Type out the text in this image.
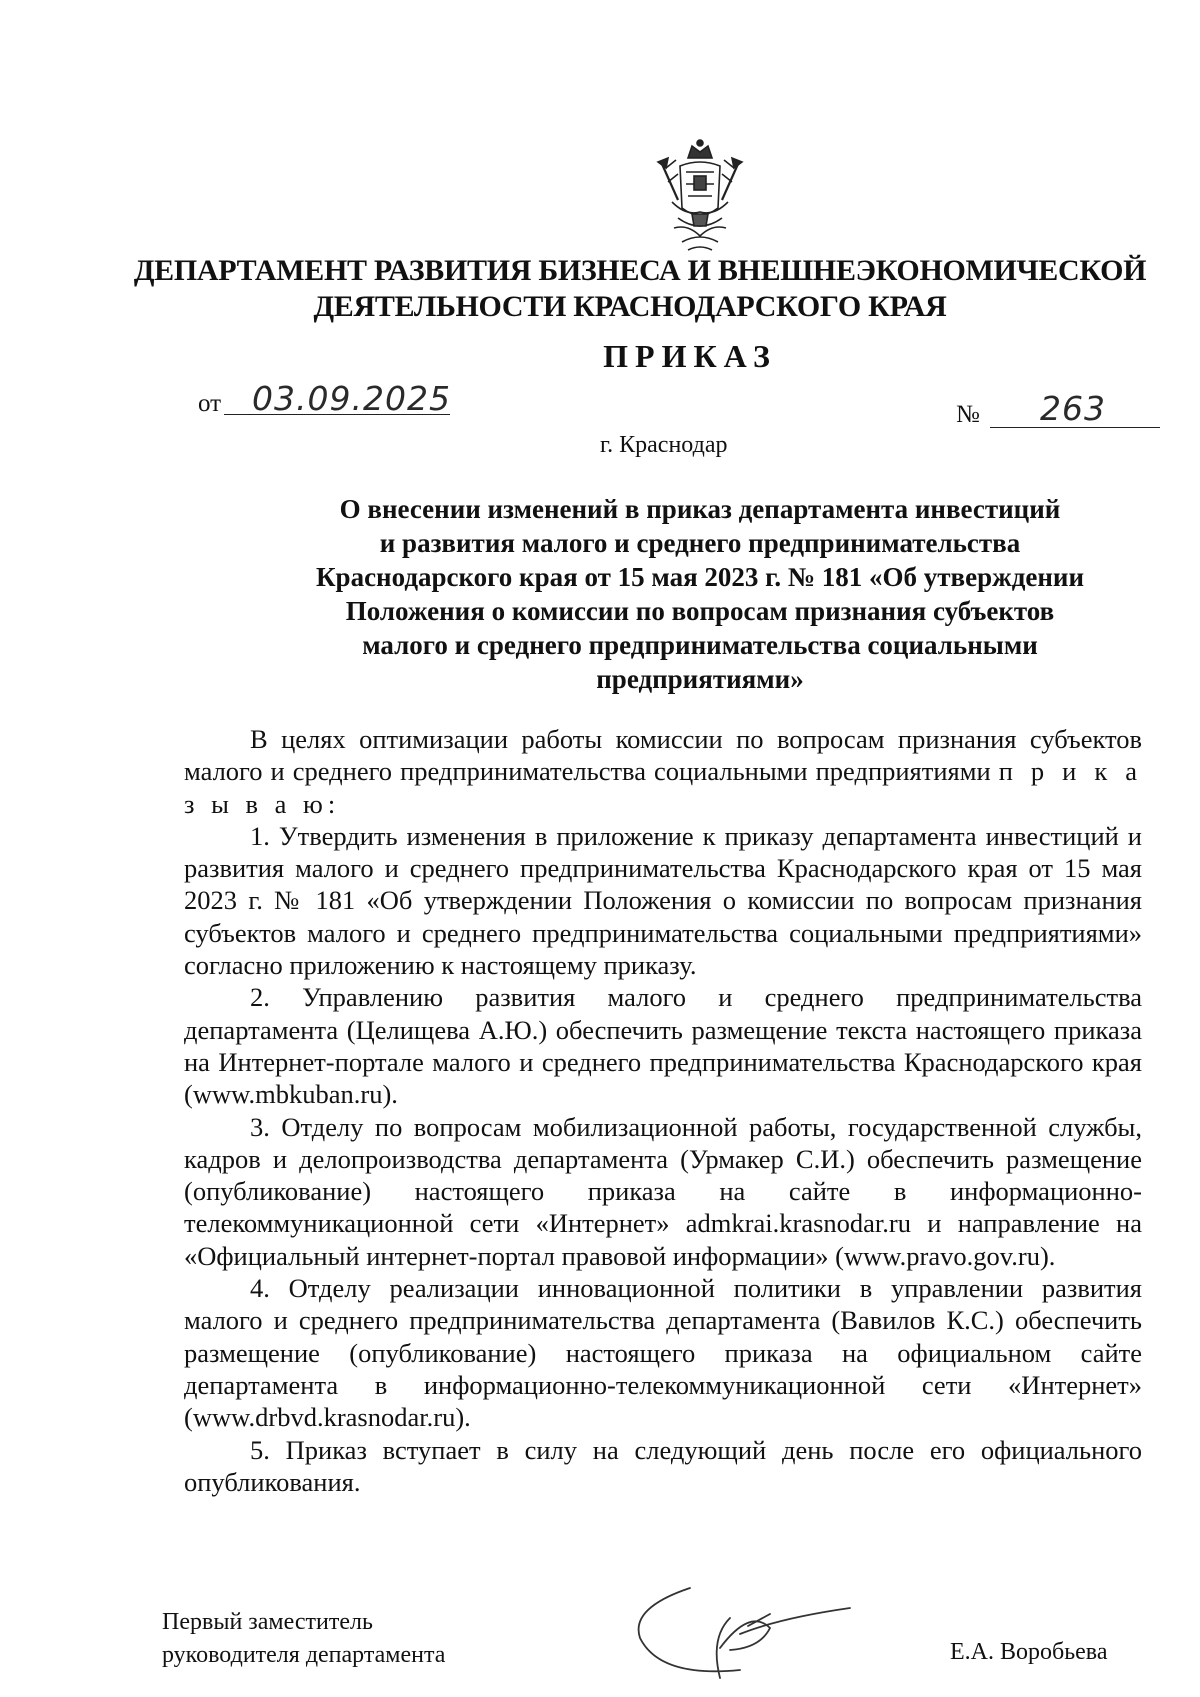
ДЕПАРТАМЕНТ РАЗВИТИЯ БИЗНЕСА И ВНЕШНЕЭКОНОМИЧЕСКОЙ
ДЕЯТЕЛЬНОСТИ КРАСНОДАРСКОГО КРАЯ
ПРИКАЗ
от 03.09.2025	№ 263
г. Краснодар
О внесении изменений в приказ департамента инвестиций
и развития малого и среднего предпринимательства
Краснодарского края от 15 мая 2023 г. № 181 «Об утверждении
Положения о комиссии по вопросам признания субъектов
малого и среднего предпринимательства социальными
предприятиями»

В целях оптимизации работы комиссии по вопросам признания субъектов малого и среднего предпринимательства социальными предприятиями п р и к а з ы в а ю:

1. Утвердить изменения в приложение к приказу департамента инвестиций и развития малого и среднего предпринимательства Краснодарского края от 15 мая 2023 г. № 181 «Об утверждении Положения о комиссии по вопросам признания субъектов малого и среднего предпринимательства социальными предприятиями» согласно приложению к настоящему приказу.

2. Управлению развития малого и среднего предпринимательства департамента (Целищева А.Ю.) обеспечить размещение текста настоящего приказа на Интернет-портале малого и среднего предпринимательства Краснодарского края (www.mbkuban.ru).

3. Отделу по вопросам мобилизационной работы, государственной службы, кадров и делопроизводства департамента (Урмакер С.И.) обеспечить размещение (опубликование) настоящего приказа на сайте в информационно-телекоммуникационной сети «Интернет» admkrai.krasnodar.ru и направление на «Официальный интернет-портал правовой информации» (www.pravo.gov.ru).

4. Отделу реализации инновационной политики в управлении развития малого и среднего предпринимательства департамента (Вавилов К.С.) обеспечить размещение (опубликование) настоящего приказа на официальном сайте департамента в информационно-телекоммуникационной сети «Интернет» (www.drbvd.krasnodar.ru).

5. Приказ вступает в силу на следующий день после его официального опубликования.

Первый заместитель
руководителя департамента	Е.А. Воробьева
